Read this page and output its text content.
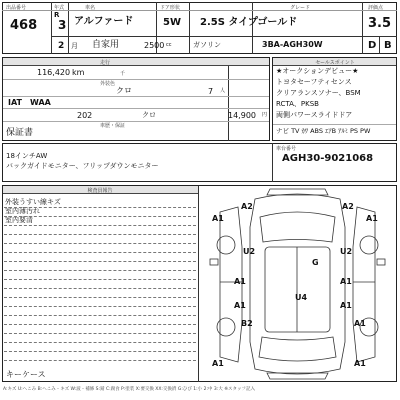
出品番号
468
年式
R
3
2 月
車名
アルファード
自家用
ドア形状
5W
2500 cc	ガソリン
グレード
2.5S タイプゴールド
3BA-AGH30W
評価点
3.5
D B
走行
116,420 km	千
外装色
クロ	7 人
IAT WAA
202	クロ	14,900 円
車歴・保証
保証書
セールスポイント
★オークションデビュー★
トヨタセーフティセンス
クリアランスソナー、BSM
RCTA、PKSB
両側パワースライドドア
ナビ TV ｶﾜ ABS ｴｱB ｱﾙﾐ PS PW
18インチAW
バックガイドモニター、フリップダウンモニター
車台番号
AGH30-9021068
検査員報告
外装うすい線キズ
室内薄汚れ
室内要清
キーケース
A2	A2
A1	A1
U2	U2
G
U4
A1	A1
A1	A1
B2	A1
A1	A1
A:キズ U:へこみ B:へこみ・キズ W:波・補修 S:錆 C:腐食 P:塗装 X:要交換 XX:交換済 G:ひび 1:小 2:中 3:大 ※スタッフ記入
